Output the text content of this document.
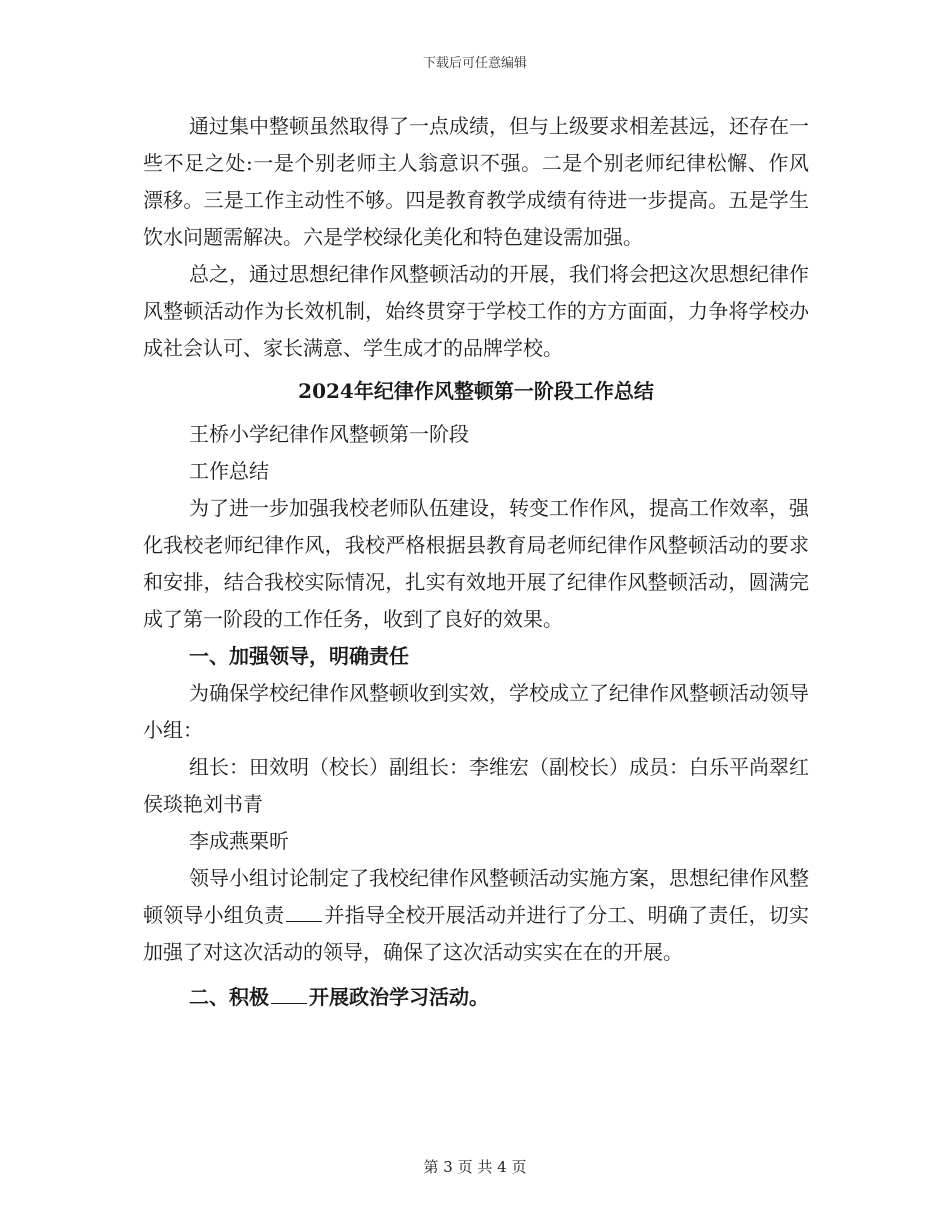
下载后可任意编辑

通过集中整顿虽然取得了一点成绩，但与上级要求相差甚远，还存在一些不足之处:一是个别老师主人翁意识不强。二是个别老师纪律松懈、作风漂移。三是工作主动性不够。四是教育教学成绩有待进一步提高。五是学生饮水问题需解决。六是学校绿化美化和特色建设需加强。

总之，通过思想纪律作风整顿活动的开展，我们将会把这次思想纪律作风整顿活动作为长效机制，始终贯穿于学校工作的方方面面，力争将学校办成社会认可、家长满意、学生成才的品牌学校。

2024年纪律作风整顿第一阶段工作总结

王桥小学纪律作风整顿第一阶段

工作总结

为了进一步加强我校老师队伍建设，转变工作作风，提高工作效率，强化我校老师纪律作风，我校严格根据县教育局老师纪律作风整顿活动的要求和安排，结合我校实际情况，扎实有效地开展了纪律作风整顿活动，圆满完成了第一阶段的工作任务，收到了良好的效果。

一、加强领导，明确责任

为确保学校纪律作风整顿收到实效，学校成立了纪律作风整顿活动领导小组：

组长：田效明（校长）副组长：李维宏（副校长）成员：白乐平尚翠红侯琰艳刘书青

李成燕栗昕

领导小组讨论制定了我校纪律作风整顿活动实施方案，思想纪律作风整顿领导小组负责 并指导全校开展活动并进行了分工、明确了责任，切实加强了对这次活动的领导，确保了这次活动实实在在的开展。

二、积极 开展政治学习活动。

第 3 页 共 4 页
